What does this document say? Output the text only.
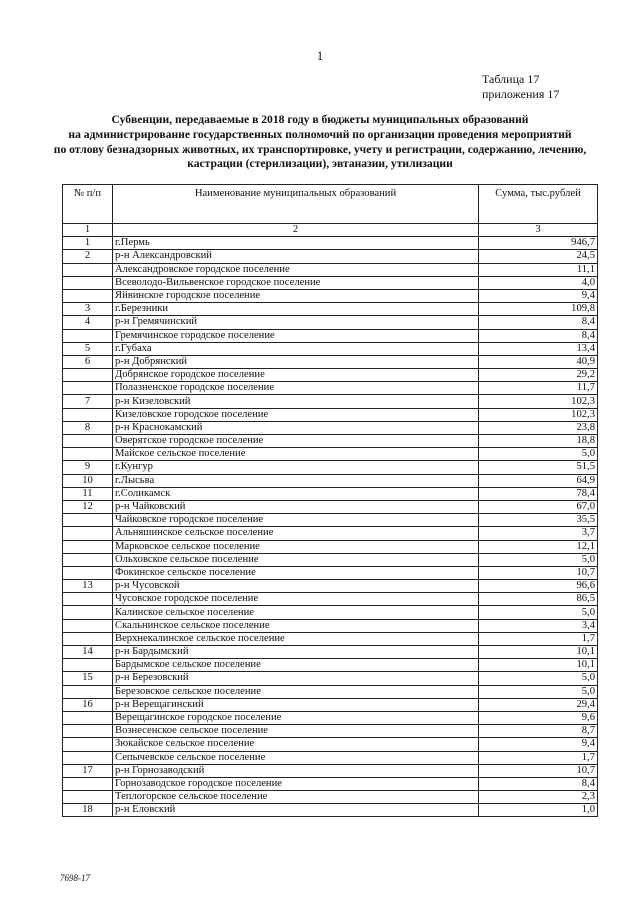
1
Таблица 17
приложения 17
Субвенции, передаваемые в 2018 году в бюджеты муниципальных образований
на администрирование государственных полномочий по организации проведения мероприятий
по отлову безнадзорных животных, их транспортировке, учету и регистрации, содержанию, лечению,
кастрации (стерилизации), эвтаназии, утилизации
№ п/п	Наименование муниципальных образований	Сумма, тыс.рублей
1	2	3
1	г.Пермь	946,7
2	р-н Александровский	24,5
	Александровское городское поселение	11,1
	Всеволодо-Вильвенское городское поселение	4,0
	Яйвинское городское поселение	9,4
3	г.Березники	109,8
4	р-н Гремячинский	8,4
	Гремячинское городское поселение	8,4
5	г.Губаха	13,4
6	р-н Добрянский	40,9
	Добрянское городское поселение	29,2
	Полазненское городское поселение	11,7
7	р-н Кизеловский	102,3
	Кизеловское городское поселение	102,3
8	р-н Краснокамский	23,8
	Оверятское городское поселение	18,8
	Майское сельское поселение	5,0
9	г.Кунгур	51,5
10	г.Лысьва	64,9
11	г.Соликамск	78,4
12	р-н Чайковский	67,0
	Чайковское городское поселение	35,5
	Альняшинское сельское поселение	3,7
	Марковское сельское поселение	12,1
	Ольховское сельское поселение	5,0
	Фокинское сельское поселение	10,7
13	р-н Чусовской	96,6
	Чусовское городское поселение	86,5
	Калинское сельское поселение	5,0
	Скальнинское сельское поселение	3,4
	Верхнекалинское сельское поселение	1,7
14	р-н Бардымский	10,1
	Бардымское сельское поселение	10,1
15	р-н Березовский	5,0
	Березовское сельское поселение	5,0
16	р-н Верещагинский	29,4
	Верещагинское городское поселение	9,6
	Вознесенское сельское поселение	8,7
	Зюкайское сельское поселение	9,4
	Сепычевское сельское поселение	1,7
17	р-н Горнозаводский	10,7
	Горнозаводское городское поселение	8,4
	Теплогорское сельское поселение	2,3
18	р-н Еловский	1,0
7698-17
